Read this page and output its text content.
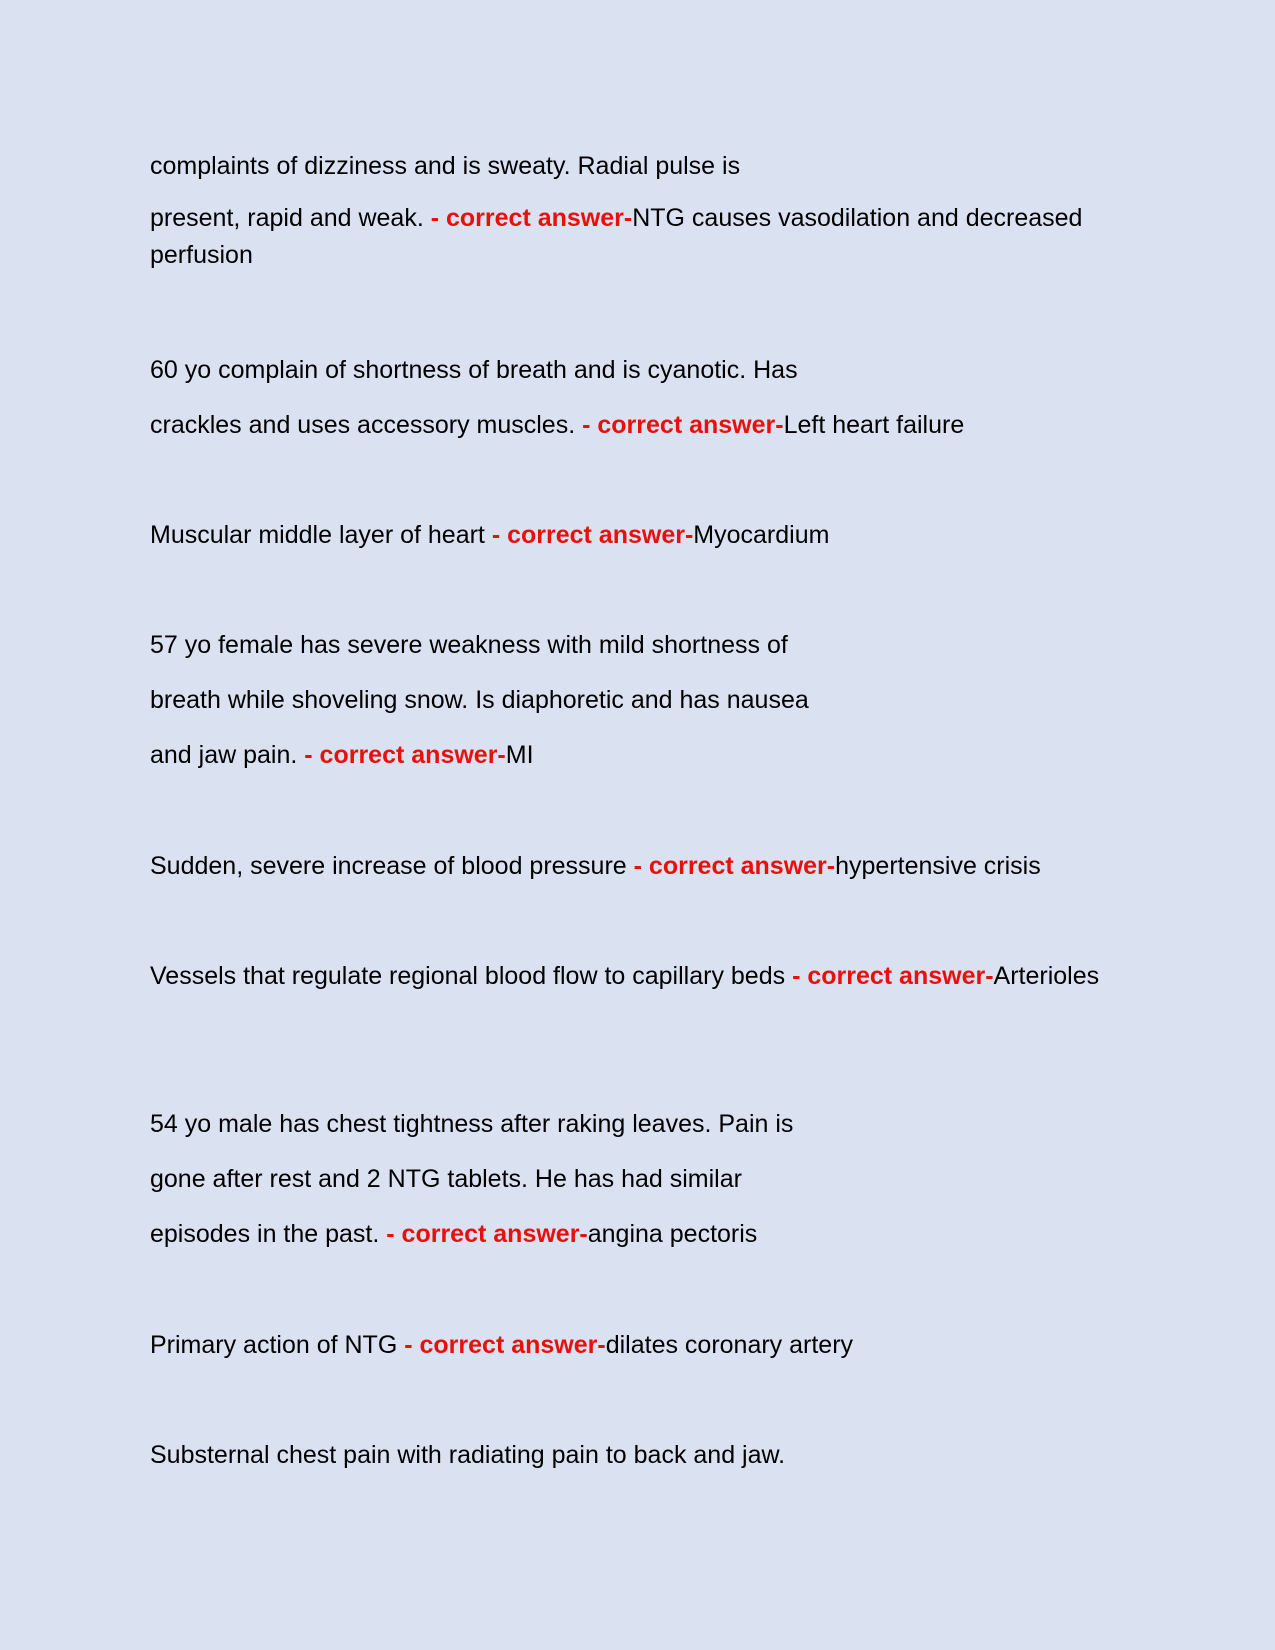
complaints of dizziness and is sweaty. Radial pulse is
present, rapid and weak. - correct answer-NTG causes vasodilation and decreased perfusion
60 yo complain of shortness of breath and is cyanotic. Has
crackles and uses accessory muscles. - correct answer-Left heart failure
Muscular middle layer of heart - correct answer-Myocardium
57 yo female has severe weakness with mild shortness of
breath while shoveling snow. Is diaphoretic and has nausea
and jaw pain. - correct answer-MI
Sudden, severe increase of blood pressure - correct answer-hypertensive crisis
Vessels that regulate regional blood flow to capillary beds - correct answer-Arterioles
54 yo male has chest tightness after raking leaves. Pain is
gone after rest and 2 NTG tablets. He has had similar
episodes in the past. - correct answer-angina pectoris
Primary action of NTG - correct answer-dilates coronary artery
Substernal chest pain with radiating pain to back and jaw.
